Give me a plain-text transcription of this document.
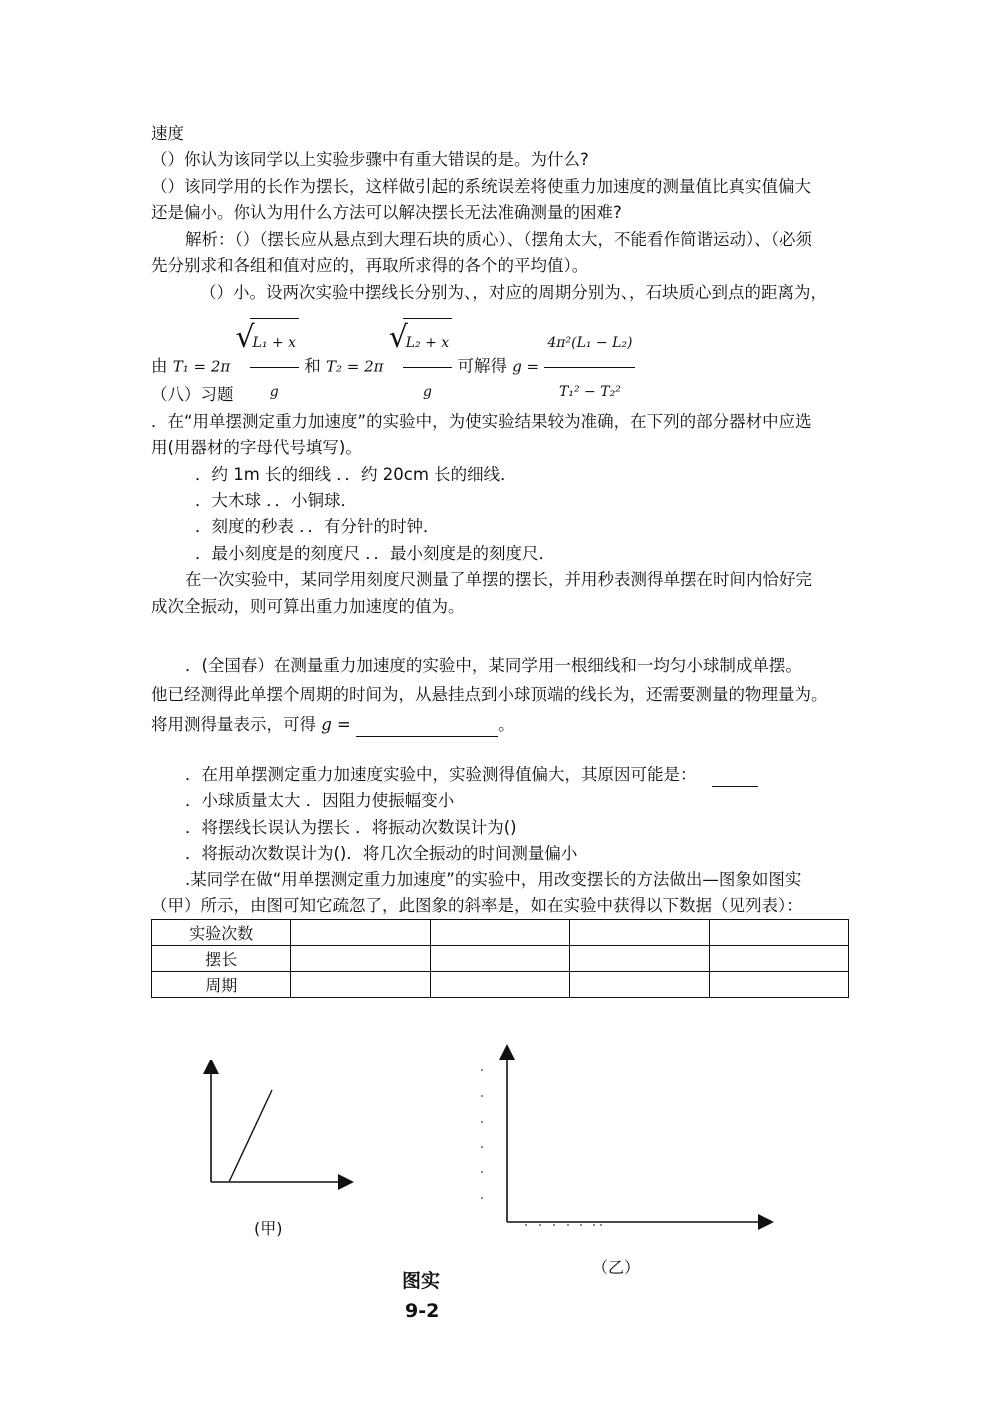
速度
（）你认为该同学以上实验步骤中有重大错误的是。为什么?
（）该同学用的长作为摆长，这样做引起的系统误差将使重力加速度的测量值比真实值偏大
还是偏小。你认为用什么方法可以解决摆长无法准确测量的困难?
解析：（）（摆长应从悬点到大理石块的质心）、（摆角太大，不能看作简谐运动）、（必须
先分别求和各组和值对应的，再取所求得的各个的平均值）。
（）小。设两次实验中摆线长分别为、，对应的周期分别为、，石块质心到点的距离为，
由 T₁ = 2π
√
$\frac{\text{L₁ + x}}{g}$ 和 T₂ = 2π
√
$\frac{\text{L₂ + x}}{g}$ 可解得 $g = \frac{\text{4π²(L₁ − L₂)}}{\text{T₁² − T₂²}}$
（八）习题
．在“用单摆测定重力加速度”的实验中，为使实验结果较为准确，在下列的部分器材中应选
用(用器材的字母代号填写)。
．约 1m 长的细线 ．．约 20cm 长的细线．
．大木球 ．．小铜球．
．刻度的秒表 ．．有分针的时钟．
．最小刻度是的刻度尺 ．．最小刻度是的刻度尺．
在一次实验中，某同学用刻度尺测量了单摆的摆长，并用秒表测得单摆在时间内恰好完
成次全振动，则可算出重力加速度的值为。
．(全国春）在测量重力加速度的实验中，某同学用一根细线和一均匀小球制成单摆。
他已经测得此单摆个周期的时间为，从悬挂点到小球顶端的线长为，还需要测量的物理量为。
将用测得量表示，可得 g =	。
．在用单摆测定重力加速度实验中，实验测得值偏大，其原因可能是：
．小球质量太大 ．因阻力使振幅变小
．将摆线长误认为摆长 ．将振动次数误计为()
．将振动次数误计为()．将几次全振动的时间测量偏小
.某同学在做“用单摆测定重力加速度”的实验中，用改变摆长的方法做出—图象如图实
（甲）所示，由图可知它疏忽了，此图象的斜率是，如在实验中获得以下数据（见列表）：
实验次数				
摆长				
周期				
(甲)
（乙）
图实
9-2
